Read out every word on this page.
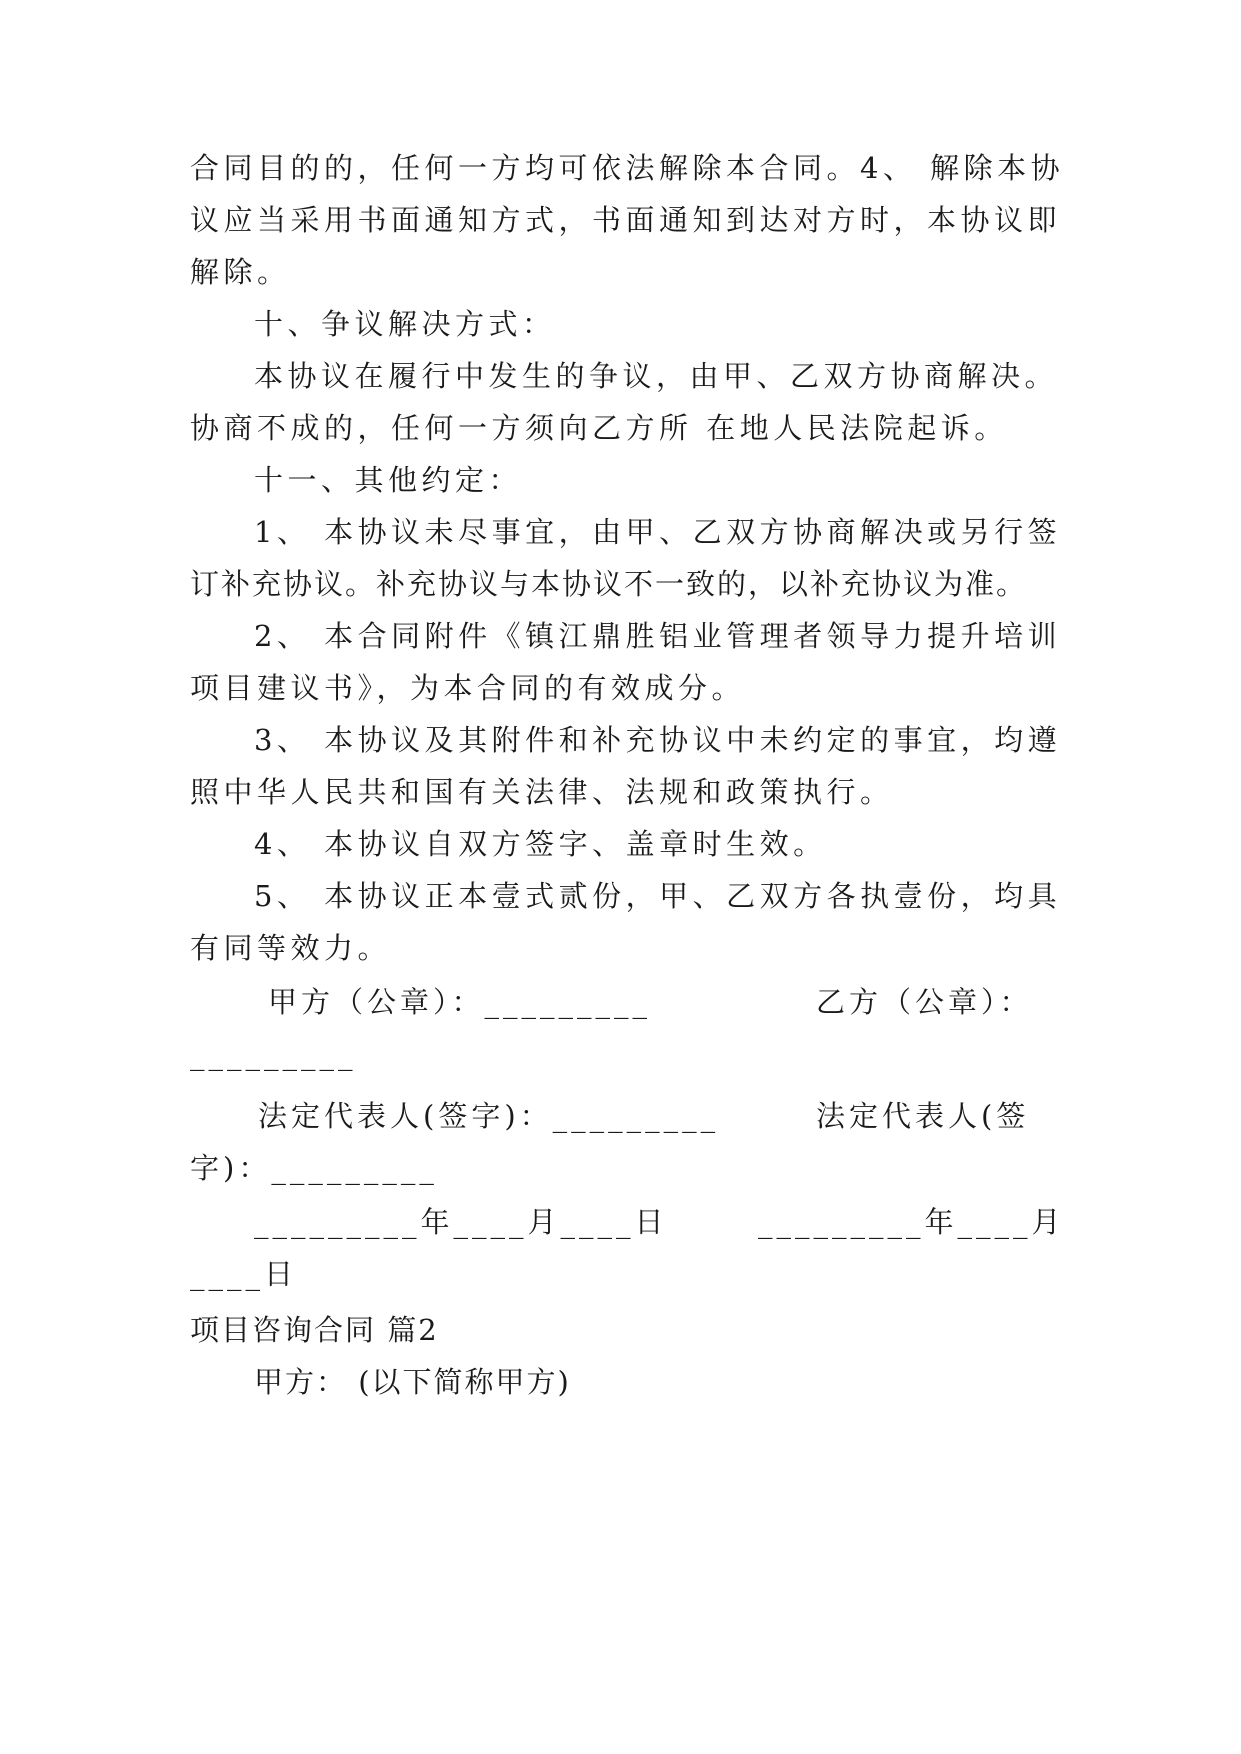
合同目的的，任何一方均可依法解除本合同。4、 解除本协
议应当采用书面通知方式，书面通知到达对方时，本协议即
解除。
十、争议解决方式：
本协议在履行中发生的争议，由甲、乙双方协商解决。
协商不成的，任何一方须向乙方所 在地人民法院起诉。
十一、其他约定：
1、 本协议未尽事宜，由甲、乙双方协商解决或另行签
订补充协议。补充协议与本协议不一致的，以补充协议为准。
2、 本合同附件《镇江鼎胜铝业管理者领导力提升培训
项目建议书》，为本合同的有效成分。
3、 本协议及其附件和补充协议中未约定的事宜，均遵
照中华人民共和国有关法律、法规和政策执行。
4、 本协议自双方签字、盖章时生效。
5、 本协议正本壹式贰份，甲、乙双方各执壹份，均具
有同等效力。
甲方（公章）：_________	乙方（公章）：
_________
法定代表人(签字)：_________	法定代表人(签
字)：_________
_________年____月____日	_________年____月
____日
项目咨询合同 篇2
甲方： (以下简称甲方)
